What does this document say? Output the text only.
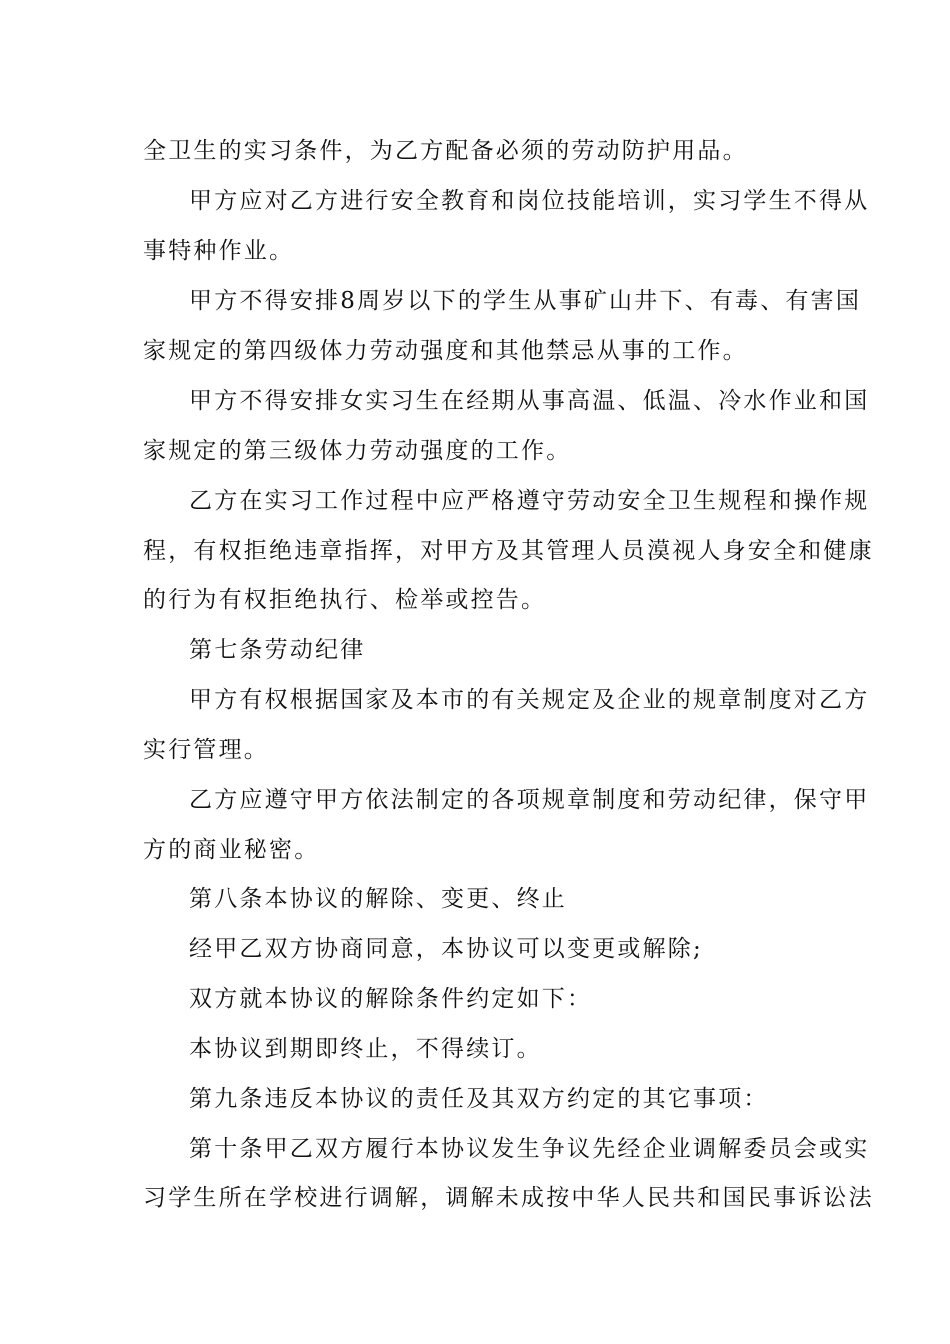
全卫生的实习条件，为乙方配备必须的劳动防护用品。
甲方应对乙方进行安全教育和岗位技能培训，实习学生不得从
事特种作业。
甲方不得安排8周岁以下的学生从事矿山井下、有毒、有害国
家规定的第四级体力劳动强度和其他禁忌从事的工作。
甲方不得安排女实习生在经期从事高温、低温、冷水作业和国
家规定的第三级体力劳动强度的工作。
乙方在实习工作过程中应严格遵守劳动安全卫生规程和操作规
程，有权拒绝违章指挥，对甲方及其管理人员漠视人身安全和健康
的行为有权拒绝执行、检举或控告。
第七条劳动纪律
甲方有权根据国家及本市的有关规定及企业的规章制度对乙方
实行管理。
乙方应遵守甲方依法制定的各项规章制度和劳动纪律，保守甲
方的商业秘密。
第八条本协议的解除、变更、终止
经甲乙双方协商同意，本协议可以变更或解除;
双方就本协议的解除条件约定如下：
本协议到期即终止，不得续订。
第九条违反本协议的责任及其双方约定的其它事项：
第十条甲乙双方履行本协议发生争议先经企业调解委员会或实
习学生所在学校进行调解，调解未成按中华人民共和国民事诉讼法
